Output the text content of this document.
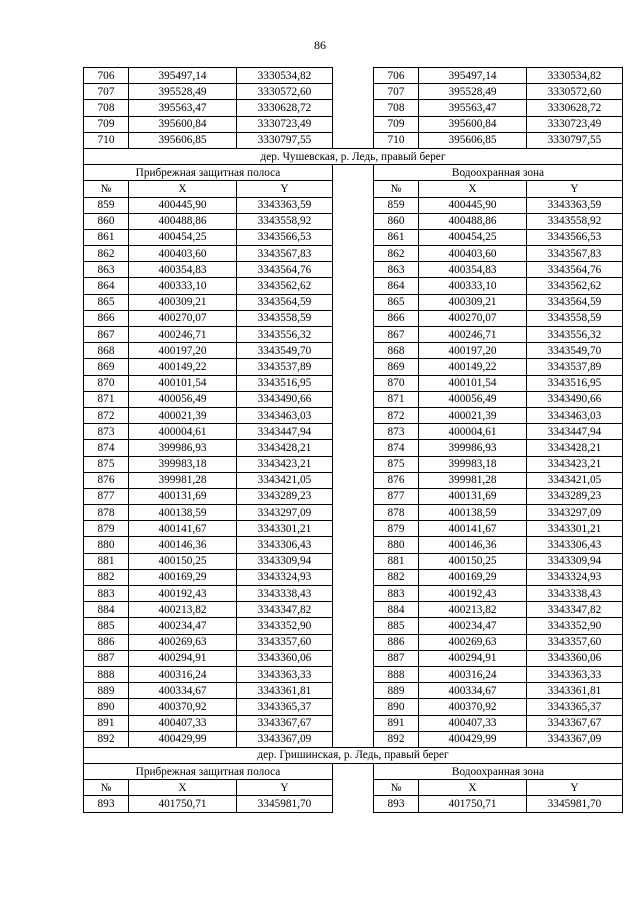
86
706	395497,14	3330534,82		706	395497,14	3330534,82
707	395528,49	3330572,60		707	395528,49	3330572,60
708	395563,47	3330628,72		708	395563,47	3330628,72
709	395600,84	3330723,49		709	395600,84	3330723,49
710	395606,85	3330797,55		710	395606,85	3330797,55
дер. Чушевская, р. Ледь, правый берег						
Прибрежная защитная полоса				Водоохранная зона		
№	X	Y		№	X	Y
859	400445,90	3343363,59		859	400445,90	3343363,59
860	400488,86	3343558,92		860	400488,86	3343558,92
861	400454,25	3343566,53		861	400454,25	3343566,53
862	400403,60	3343567,83		862	400403,60	3343567,83
863	400354,83	3343564,76		863	400354,83	3343564,76
864	400333,10	3343562,62		864	400333,10	3343562,62
865	400309,21	3343564,59		865	400309,21	3343564,59
866	400270,07	3343558,59		866	400270,07	3343558,59
867	400246,71	3343556,32		867	400246,71	3343556,32
868	400197,20	3343549,70		868	400197,20	3343549,70
869	400149,22	3343537,89		869	400149,22	3343537,89
870	400101,54	3343516,95		870	400101,54	3343516,95
871	400056,49	3343490,66		871	400056,49	3343490,66
872	400021,39	3343463,03		872	400021,39	3343463,03
873	400004,61	3343447,94		873	400004,61	3343447,94
874	399986,93	3343428,21		874	399986,93	3343428,21
875	399983,18	3343423,21		875	399983,18	3343423,21
876	399981,28	3343421,05		876	399981,28	3343421,05
877	400131,69	3343289,23		877	400131,69	3343289,23
878	400138,59	3343297,09		878	400138,59	3343297,09
879	400141,67	3343301,21		879	400141,67	3343301,21
880	400146,36	3343306,43		880	400146,36	3343306,43
881	400150,25	3343309,94		881	400150,25	3343309,94
882	400169,29	3343324,93		882	400169,29	3343324,93
883	400192,43	3343338,43		883	400192,43	3343338,43
884	400213,82	3343347,82		884	400213,82	3343347,82
885	400234,47	3343352,90		885	400234,47	3343352,90
886	400269,63	3343357,60		886	400269,63	3343357,60
887	400294,91	3343360,06		887	400294,91	3343360,06
888	400316,24	3343363,33		888	400316,24	3343363,33
889	400334,67	3343361,81		889	400334,67	3343361,81
890	400370,92	3343365,37		890	400370,92	3343365,37
891	400407,33	3343367,67		891	400407,33	3343367,67
892	400429,99	3343367,09		892	400429,99	3343367,09
дер. Гришинская, р. Ледь, правый берег						
Прибрежная защитная полоса				Водоохранная зона		
№	X	Y		№	X	Y
893	401750,71	3345981,70		893	401750,71	3345981,70
